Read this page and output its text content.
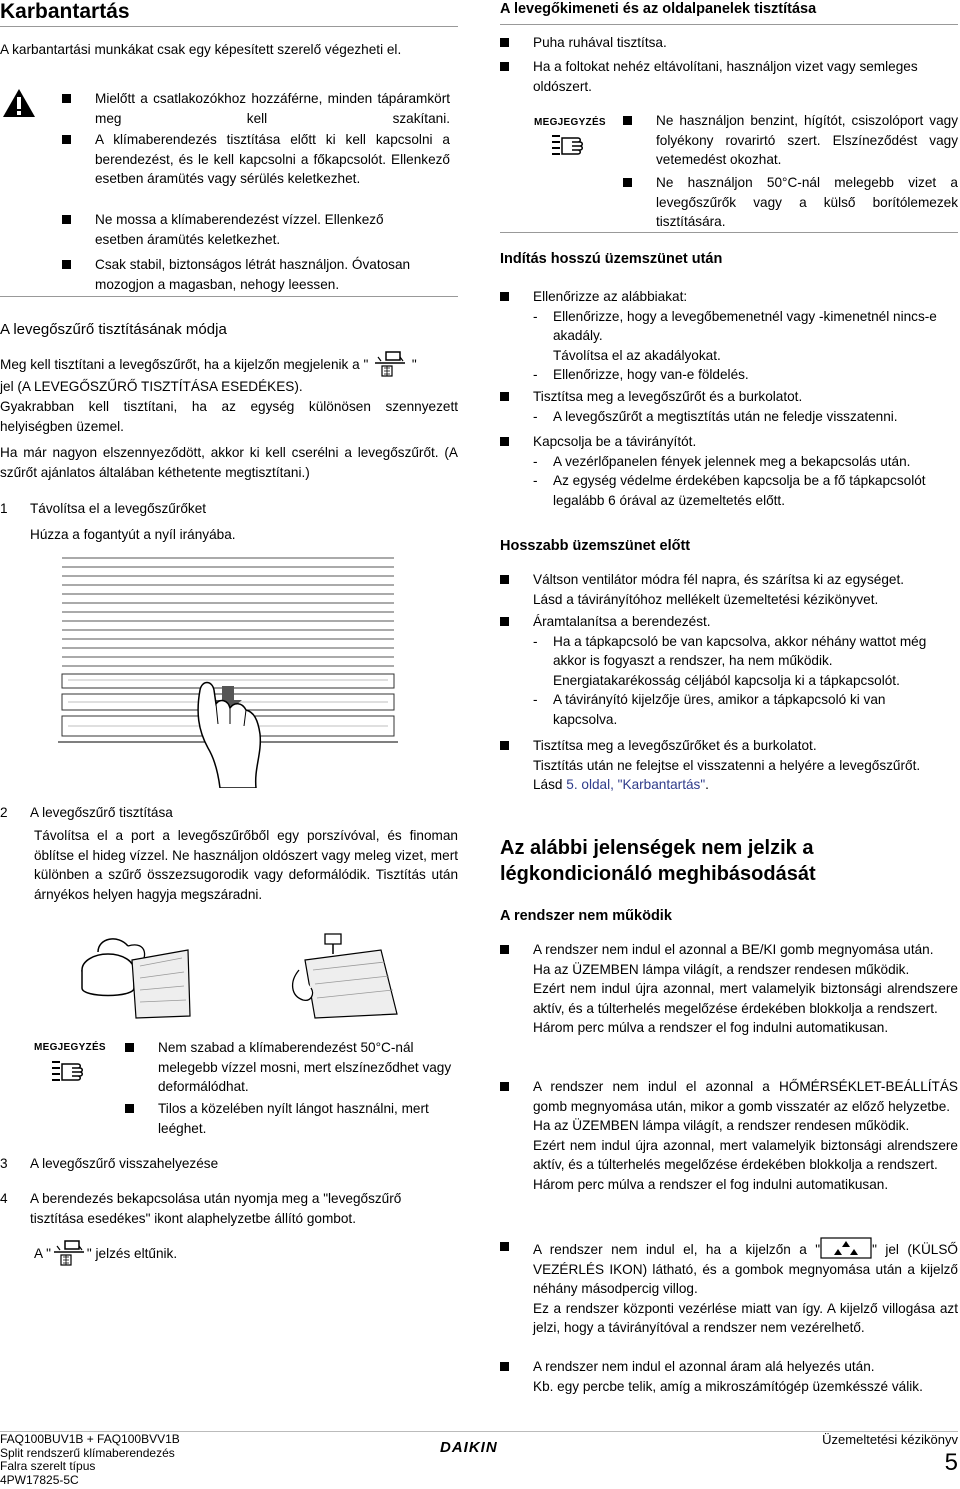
Karbantartás
A karbantartási munkákat csak egy képesített szerelő végezheti el.
Mielőtt a csatlakozókhoz hozzáférne, minden tápáramkört meg kell szakítani.
A klímaberendezés tisztítása előtt ki kell kapcsolni a berendezést, és le kell kapcsolni a főkapcsolót. Ellenkező esetben áramütés vagy sérülés keletkezhet.
Ne mossa a klímaberendezést vízzel. Ellenkező esetben áramütés keletkezhet.
Csak stabil, biztonságos létrát használjon. Óvatosan mozogjon a magasban, nehogy leessen.
A levegőszűrő tisztításának módja
Meg kell tisztítani a levegőszűrőt, ha a kijelzőn megjelenik a "	"
jel (A LEVEGŐSZŰRŐ TISZTÍTÁSA ESEDÉKES).
Gyakrabban kell tisztítani, ha az egység különösen szennyezett helyiségben üzemel.
Ha már nagyon elszennyeződött, akkor ki kell cserélni a levegőszűrőt. (A szűrőt ajánlatos általában kéthetente megtisztítani.)
1	Távolítsa el a levegőszűrőket
Húzza a fogantyút a nyíl irányába.
2	A levegőszűrő tisztítása
Távolítsa el a port a levegőszűrőből egy porszívóval, és finoman öblítse el hideg vízzel. Ne használjon oldószert vagy meleg vizet, mert különben a szűrő összezsugorodik vagy deformálódik. Tisztítás után árnyékos helyen hagyja megszáradni.
MEGJEGYZÉS	Nem szabad a klímaberendezést 50°C-nál melegebb vízzel mosni, mert elszíneződhet vagy deformálódhat.
Tilos a közelében nyílt lángot használni, mert leéghet.
3	A levegőszűrő visszahelyezése
4	A berendezés bekapcsolása után nyomja meg a "levegőszűrő tisztítása esedékes" ikont alaphelyzetbe állító gombot.
A "	" jelzés eltűnik.
A levegőkimeneti és az oldalpanelek tisztítása
Puha ruhával tisztítsa.
Ha a foltokat nehéz eltávolítani, használjon vizet vagy semleges oldószert.
MEGJEGYZÉS	Ne használjon benzint, hígítót, csiszolóport vagy folyékony rovarirtó szert. Elszíneződést vagy vetemedést okozhat.
Ne használjon 50°C-nál melegebb vizet a levegőszűrők vagy a külső borítólemezek tisztítására.
Indítás hosszú üzemszünet után
Ellenőrizze az alábbiakat:
-	Ellenőrizze, hogy a levegőbemenetnél vagy -kimenetnél nincs-e akadály.
Távolítsa el az akadályokat.
-	Ellenőrizze, hogy van-e földelés.
Tisztítsa meg a levegőszűrőt és a burkolatot.
-	A levegőszűrőt a megtisztítás után ne feledje visszatenni.
Kapcsolja be a távirányítót.
-	A vezérlőpanelen fények jelennek meg a bekapcsolás után.
-	Az egység védelme érdekében kapcsolja be a fő tápkapcsolót legalább 6 órával az üzemeltetés előtt.
Hosszabb üzemszünet előtt
Váltson ventilátor módra fél napra, és szárítsa ki az egységet.
Lásd a távirányítóhoz mellékelt üzemeltetési kézikönyvet.
Áramtalanítsa a berendezést.
-	Ha a tápkapcsoló be van kapcsolva, akkor néhány wattot még akkor is fogyaszt a rendszer, ha nem működik.
Energiatakarékosság céljából kapcsolja ki a tápkapcsolót.
-	A távirányító kijelzője üres, amikor a tápkapcsoló ki van kapcsolva.
Tisztítsa meg a levegőszűrőket és a burkolatot.
Tisztítás után ne felejtse el visszatenni a helyére a levegőszűrőt.
Lásd 5. oldal, "Karbantartás".
Az alábbi jelenségek nem jelzik a légkondicionáló meghibásodását
A rendszer nem működik
A rendszer nem indul el azonnal a BE/KI gomb megnyomása után.
Ha az ÜZEMBEN lámpa világít, a rendszer rendesen működik.
Ezért nem indul újra azonnal, mert valamelyik biztonsági alrendszere aktív, és a túlterhelés megelőzése érdekében blokkolja a rendszert.
Három perc múlva a rendszer el fog indulni automatikusan.
A rendszer nem indul el azonnal a HŐMÉRSÉKLET-BEÁLLÍTÁS gomb megnyomása után, mikor a gomb visszatér az előző helyzetbe.
Ha az ÜZEMBEN lámpa világít, a rendszer rendesen működik.
Ezért nem indul újra azonnal, mert valamelyik biztonsági alrendszere aktív, és a túlterhelés megelőzése érdekében blokkolja a rendszert.
Három perc múlva a rendszer el fog indulni automatikusan.
A rendszer nem indul el, ha a kijelzőn a "	" jel (KÜLSŐ VEZÉRLÉS IKON) látható, és a gombok megnyomása után a kijelző néhány másodpercig villog.
Ez a rendszer központi vezérlése miatt van így. A kijelző villogása azt jelzi, hogy a távirányítóval a rendszer nem vezérelhető.
A rendszer nem indul el azonnal áram alá helyezés után.
Kb. egy percbe telik, amíg a mikroszámítógép üzemkésszé válik.
FAQ100BUV1B + FAQ100BVV1B
Split rendszerű klímaberendezés
Falra szerelt típus
4PW17825-5C
DAIKIN	Üzemeltetési kézikönyv
5
